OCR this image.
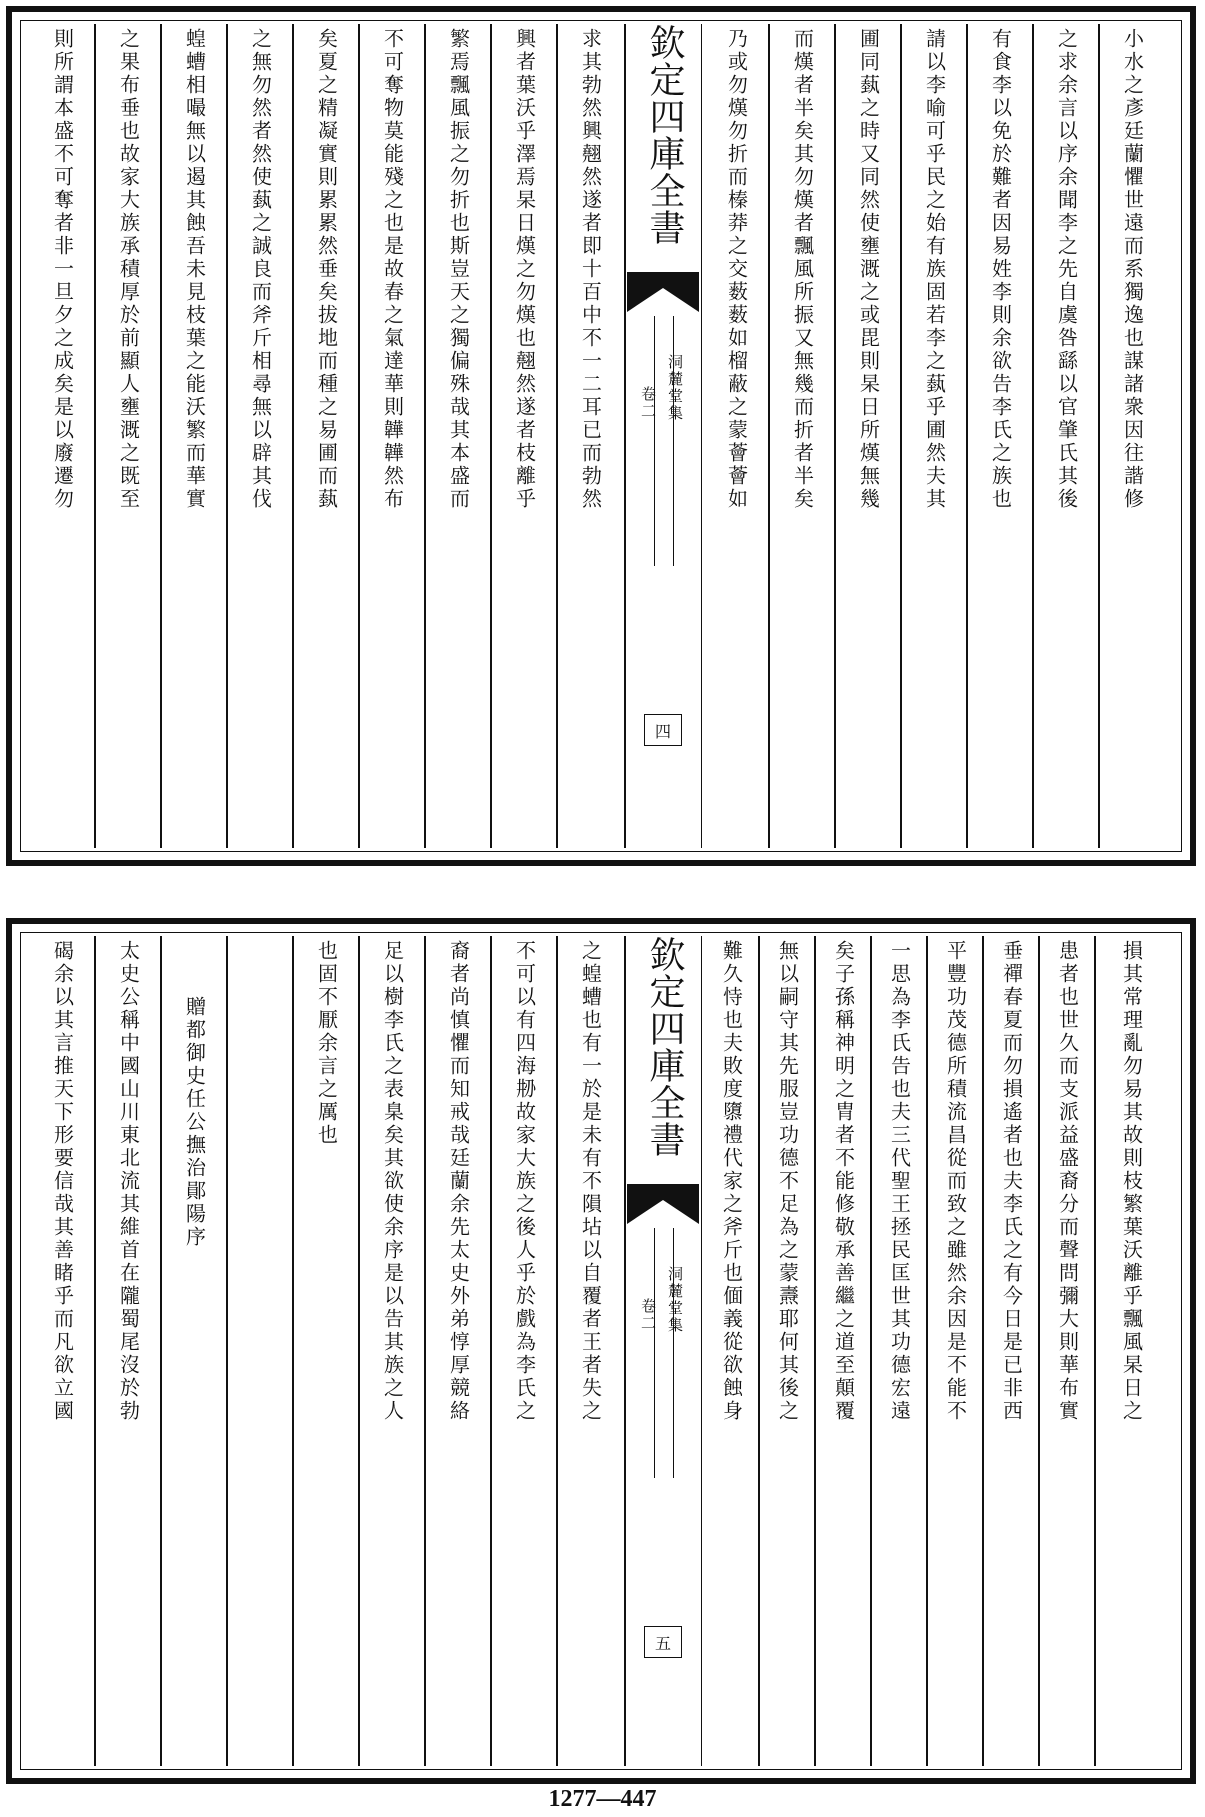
則所謂本盛不可奪者非一旦夕之成矣是以廢遷勿 之果布垂也故家大族承積厚於前顯人壅溉之既至 蝗螬相嘬無以遏其蝕吾未見枝葉之能沃繁而華實 之無勿然者然使蓺之誠良而斧斤相尋無以辟其伐 矣夏之精凝實則累累然垂矣拔地而種之易圃而蓺 不可奪物莫能殘之也是故春之氣達華則韡韡然布 繁焉飄風振之勿折也斯豈天之獨偏殊哉其本盛而 興者葉沃乎澤焉杲日熯之勿熯也翹然遂者枝離乎 求其勃然興翹然遂者即十百中不一二耳已而勃然	欽定四庫全書
洞麓堂集
卷二
四
乃或勿熯勿折而榛莽之交薮薮如榴蔽之蒙薈薈如 而熯者半矣其勿熯者飄風所振又無幾而折者半矣 圃同蓺之時又同然使壅溉之或毘則杲日所熯無幾 請以李喻可乎民之始有族固若李之蓺乎圃然夫其 有食李以免於難者因易姓李則余欲告李氏之族也 之求余言以序余聞李之先自虞咎繇以官肇氏其後 小水之彥廷蘭懼世遠而系獨逸也謀諸衆因往諧修
碣余以其言推天下形要信哉其善睹乎而凡欲立國 太史公稱中國山川東北流其維首在隴蜀尾沒於勃 贈都御史任公撫治鄖陽序	也固不厭余言之厲也 足以樹李氏之表臬矣其欲使余序是以告其族之人 裔者尚慎懼而知戒哉廷蘭余先太史外弟惇厚競絡 不可以有四海刱故家大族之後人乎於戲為李氏之 之蝗螬也有一於是未有不隕坫以自覆者王者失之	欽定四庫全書
洞麓堂集
卷二
五
難久恃也夫敗度隳禮代家之斧斤也偭義從欲蝕身 無以嗣守其先服豈功德不足為之蒙燾耶何其後之 矣子孫稱神明之胄者不能修敬承善繼之道至顛覆 一思為李氏告也夫三代聖王拯民匡世其功德宏遠 平豐功茂德所積流昌從而致之雖然余因是不能不 垂禪春夏而勿損遙者也夫李氏之有今日是已非西 患者也世久而支派益盛裔分而聲問彌大則華布實 損其常理亂勿易其故則枝繁葉沃離乎飄風杲日之
1277—447
